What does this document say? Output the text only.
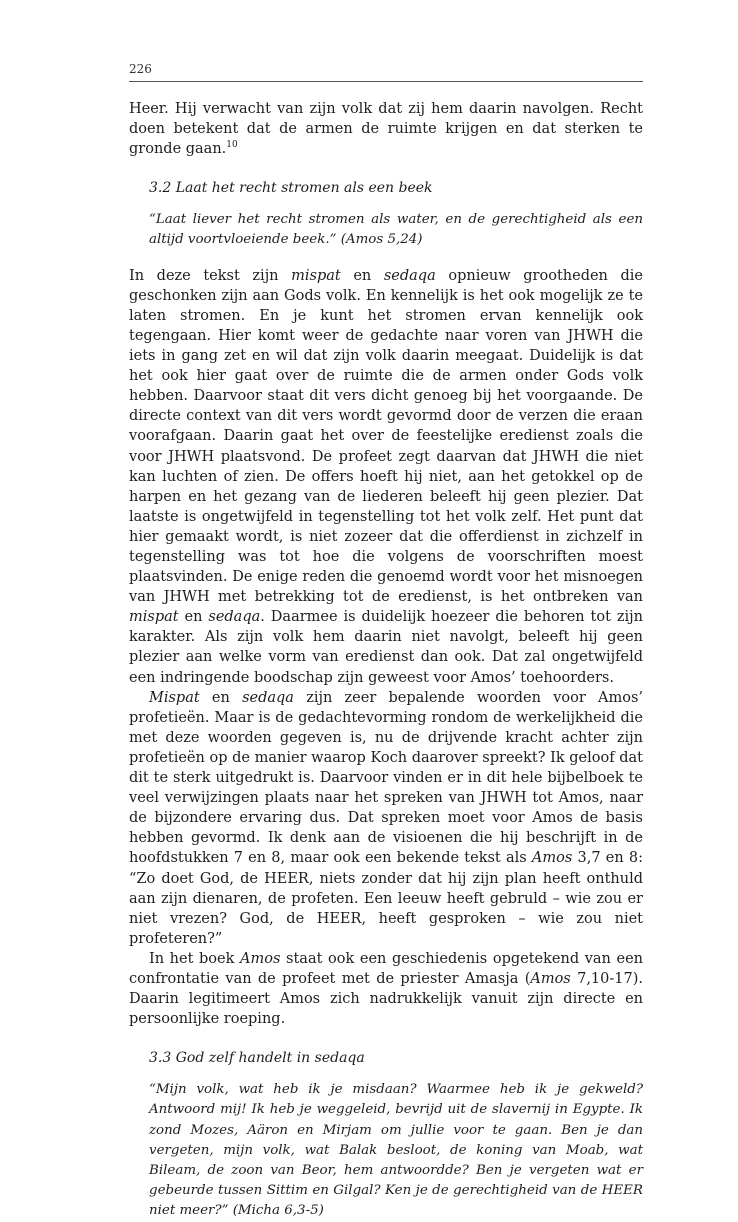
226

Heer. Hij verwacht van zijn volk dat zij hem daarin navolgen. Recht doen betekent dat de armen de ruimte krijgen en dat sterken te gronde gaan.$^{10}$

3.2 Laat het recht stromen als een beek
“Laat liever het recht stromen als water, en de gerechtigheid als een altijd voortvloeiende beek.” (Amos 5,24)

In deze tekst zijn mispat en sedaqa opnieuw grootheden die geschonken zijn aan Gods volk. En kennelijk is het ook mogelijk ze te laten stromen. En je kunt het stromen ervan kennelijk ook tegengaan. Hier komt weer de gedachte naar voren van JHWH die iets in gang zet en wil dat zijn volk daarin meegaat. Duidelijk is dat het ook hier gaat over de ruimte die de armen onder Gods volk hebben. Daarvoor staat dit vers dicht genoeg bij het voorgaande. De directe context van dit vers wordt gevormd door de verzen die eraan voorafgaan. Daarin gaat het over de feestelijke eredienst zoals die voor JHWH plaatsvond. De profeet zegt daarvan dat JHWH die niet kan luchten of zien. De offers hoeft hij niet, aan het getokkel op de harpen en het gezang van de liederen beleeft hij geen plezier. Dat laatste is ongetwijfeld in tegenstelling tot het volk zelf. Het punt dat hier gemaakt wordt, is niet zozeer dat die offerdienst in zichzelf in tegenstelling was tot hoe die volgens de voorschriften moest plaatsvinden. De enige reden die genoemd wordt voor het misnoegen van JHWH met betrekking tot de eredienst, is het ontbreken van mispat en sedaqa. Daarmee is duidelijk hoezeer die behoren tot zijn karakter. Als zijn volk hem daarin niet navolgt, beleeft hij geen plezier aan welke vorm van eredienst dan ook. Dat zal ongetwijfeld een indringende boodschap zijn geweest voor Amos’ toehoorders.

Mispat en sedaqa zijn zeer bepalende woorden voor Amos’ profetieën. Maar is de gedachtevorming rondom de werkelijkheid die met deze woorden gegeven is, nu de drijvende kracht achter zijn profetieën op de manier waarop Koch daarover spreekt? Ik geloof dat dit te sterk uitgedrukt is. Daarvoor vinden er in dit hele bijbelboek te veel verwijzingen plaats naar het spreken van JHWH tot Amos, naar de bijzondere ervaring dus. Dat spreken moet voor Amos de basis hebben gevormd. Ik denk aan de visioenen die hij beschrijft in de hoofdstukken 7 en 8, maar ook een bekende tekst als Amos 3,7 en 8: “Zo doet God, de HEER, niets zonder dat hij zijn plan heeft onthuld aan zijn dienaren, de profeten. Een leeuw heeft gebruld – wie zou er niet vrezen? God, de HEER, heeft gesproken – wie zou niet profeteren?”

In het boek Amos staat ook een geschiedenis opgetekend van een confrontatie van de profeet met de priester Amasja (Amos 7,10-17). Daarin legitimeert Amos zich nadrukkelijk vanuit zijn directe en persoonlijke roeping.

3.3 God zelf handelt in sedaqa
“Mijn volk, wat heb ik je misdaan? Waarmee heb ik je gekweld? Antwoord mij! Ik heb je weggeleid, bevrijd uit de slavernij in Egypte. Ik zond Mozes, Aäron en Mirjam om jullie voor te gaan. Ben je dan vergeten, mijn volk, wat Balak besloot, de koning van Moab, wat Bileam, de zoon van Beor, hem antwoordde? Ben je vergeten wat er gebeurde tussen Sittim en Gilgal? Ken je de gerechtigheid van de HEER niet meer?” (Micha 6,3-5)
